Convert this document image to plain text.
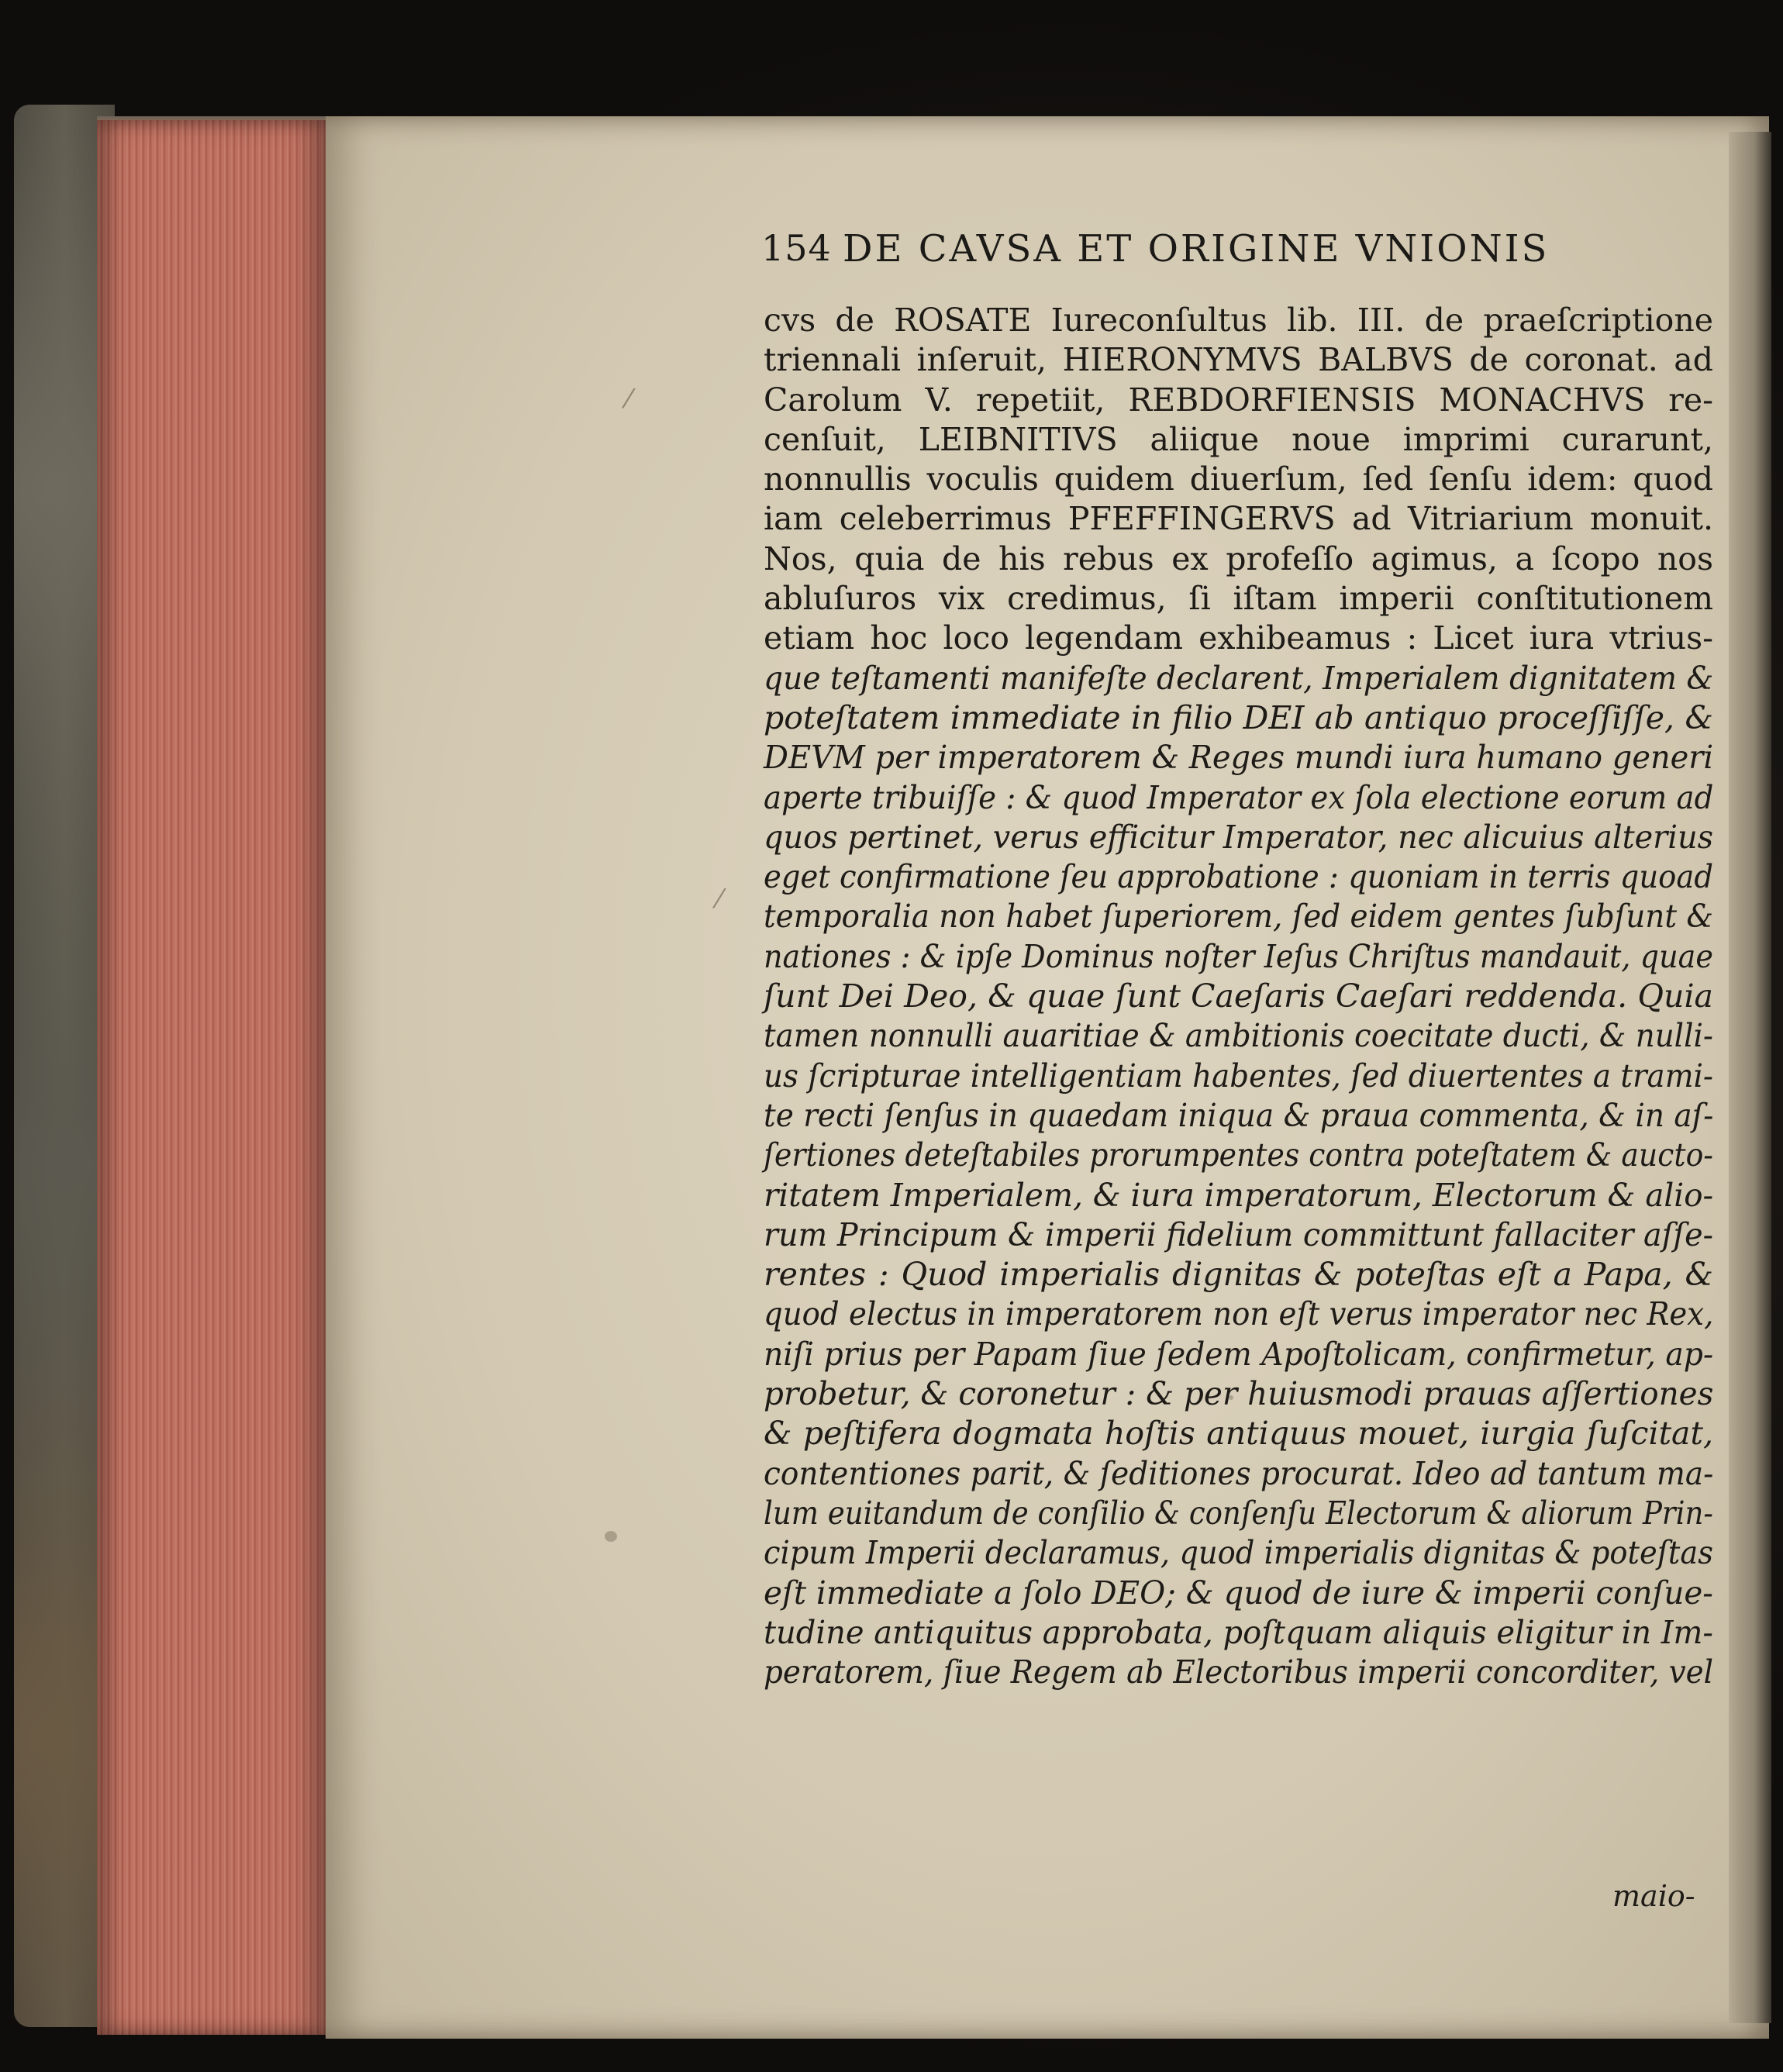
⁄
⁄
154 DE CAVSA ET ORIGINE VNIONIS
cvs de ROSATE Iureconſultus lib. III. de praeſcriptione
triennali inſeruit, HIERONYMVS BALBVS de coronat. ad
Carolum V. repetiit, REBDORFIENSIS MONACHVS re-
cenſuit, LEIBNITIVS aliique noue imprimi curarunt,
nonnullis voculis quidem diuerſum, ſed ſenſu idem: quod
iam celeberrimus PFEFFINGERVS ad Vitriarium monuit.
Nos, quia de his rebus ex profeſſo agimus, a ſcopo nos
abluſuros vix credimus, ſi iſtam imperii conſtitutionem
etiam hoc loco legendam exhibeamus : Licet iura vtrius-
que teſtamenti manifeſte declarent, Imperialem dignitatem &
poteſtatem immediate in filio DEI ab antiquo proceſſiſſe, &
DEVM per imperatorem & Reges mundi iura humano generi
aperte tribuiſſe : & quod Imperator ex ſola electione eorum ad
quos pertinet, verus efficitur Imperator, nec alicuius alterius
eget confirmatione ſeu approbatione : quoniam in terris quoad
temporalia non habet ſuperiorem, ſed eidem gentes ſubſunt &
nationes : & ipſe Dominus noſter Ieſus Chriſtus mandauit, quae
ſunt Dei Deo, & quae ſunt Caeſaris Caeſari reddenda. Quia
tamen nonnulli auaritiae & ambitionis coecitate ducti, & nulli-
us ſcripturae intelligentiam habentes, ſed diuertentes a trami-
te recti ſenſus in quaedam iniqua & praua commenta, & in aſ-
ſertiones deteſtabiles prorumpentes contra poteſtatem & aucto-
ritatem Imperialem, & iura imperatorum, Electorum & alio-
rum Principum & imperii fidelium committunt fallaciter aſſe-
rentes : Quod imperialis dignitas & poteſtas eſt a Papa, &
quod electus in imperatorem non eſt verus imperator nec Rex,
niſi prius per Papam ſiue ſedem Apoſtolicam, confirmetur, ap-
probetur, & coronetur : & per huiusmodi prauas aſſertiones
& peſtifera dogmata hoſtis antiquus mouet, iurgia ſuſcitat,
contentiones parit, & ſeditiones procurat. Ideo ad tantum ma-
lum euitandum de conſilio & conſenſu Electorum & aliorum Prin-
cipum Imperii declaramus, quod imperialis dignitas & poteſtas
eſt immediate a ſolo DEO; & quod de iure & imperii conſue-
tudine antiquitus approbata, poſtquam aliquis eligitur in Im-
peratorem, ſiue Regem ab Electoribus imperii concorditer, vel
maio-
